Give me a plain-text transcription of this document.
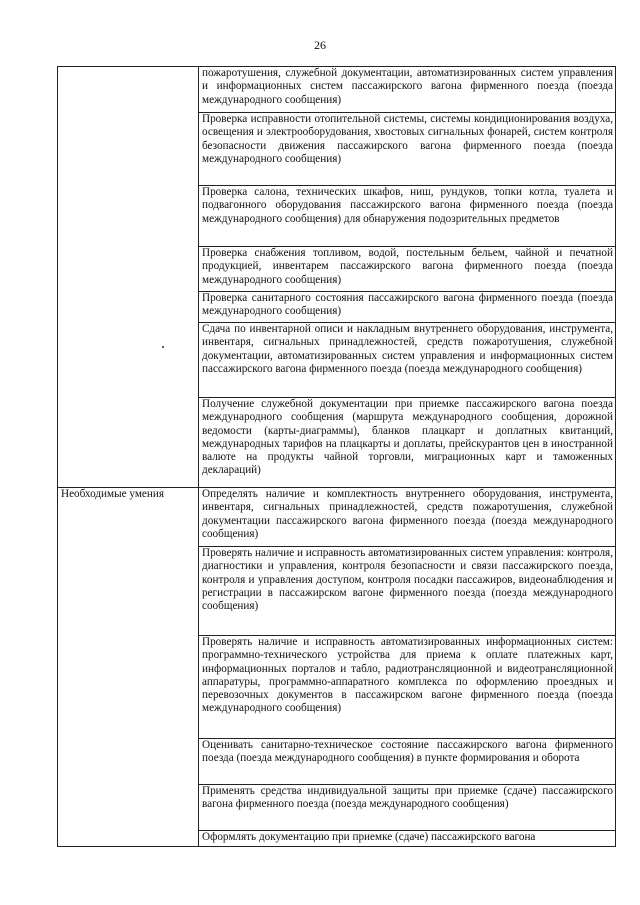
26
	пожаротушения, служебной документации, автоматизированных систем управления и информационных систем пассажирского вагона фирменного поезда (поезда международного сообщения)
	Проверка исправности отопительной системы, системы кондиционирования воздуха, освещения и электрооборудования, хвостовых сигнальных фонарей, систем контроля безопасности движения пассажирского вагона фирменного поезда (поезда международного сообщения)
	Проверка салона, технических шкафов, ниш, рундуков, топки котла, туалета и подвагонного оборудования пассажирского вагона фирменного поезда (поезда международного сообщения) для обнаружения подозрительных предметов
	Проверка снабжения топливом, водой, постельным бельем, чайной и печатной продукцией, инвентарем пассажирского вагона фирменного поезда (поезда международного сообщения)
	Проверка санитарного состояния пассажирского вагона фирменного поезда (поезда международного сообщения)
	Сдача по инвентарной описи и накладным внутреннего оборудования, инструмента, инвентаря, сигнальных принадлежностей, средств пожаротушения, служебной документации, автоматизированных систем управления и информационных систем пассажирского вагона фирменного поезда (поезда международного сообщения)
	Получение служебной документации при приемке пассажирского вагона поезда международного сообщения (маршрута международного сообщения, дорожной ведомости (карты-диаграммы), бланков плацкарт и доплатных квитанций, международных тарифов на плацкарты и доплаты, прейскурантов цен в иностранной валюте на продукты чайной торговли, миграционных карт и таможенных деклараций)
Необходимые умения	Определять наличие и комплектность внутреннего оборудования, инструмента, инвентаря, сигнальных принадлежностей, средств пожаротушения, служебной документации пассажирского вагона фирменного поезда (поезда международного сообщения)
	Проверять наличие и исправность автоматизированных систем управления: контроля, диагностики и управления, контроля безопасности и связи пассажирского поезда, контроля и управления доступом, контроля посадки пассажиров, видеонаблюдения и регистрации в пассажирском вагоне фирменного поезда (поезда международного сообщения)
	Проверять наличие и исправность автоматизированных информационных систем: программно-технического устройства для приема к оплате платежных карт, информационных порталов и табло, радиотрансляционной и видеотрансляционной аппаратуры, программно-аппаратного комплекса по оформлению проездных и перевозочных документов в пассажирском вагоне фирменного поезда (поезда международного сообщения)
	Оценивать санитарно-техническое состояние пассажирского вагона фирменного поезда (поезда международного сообщения) в пункте формирования и оборота
	Применять средства индивидуальной защиты при приемке (сдаче) пассажирского вагона фирменного поезда (поезда международного сообщения)
	Оформлять документацию при приемке (сдаче) пассажирского вагона
